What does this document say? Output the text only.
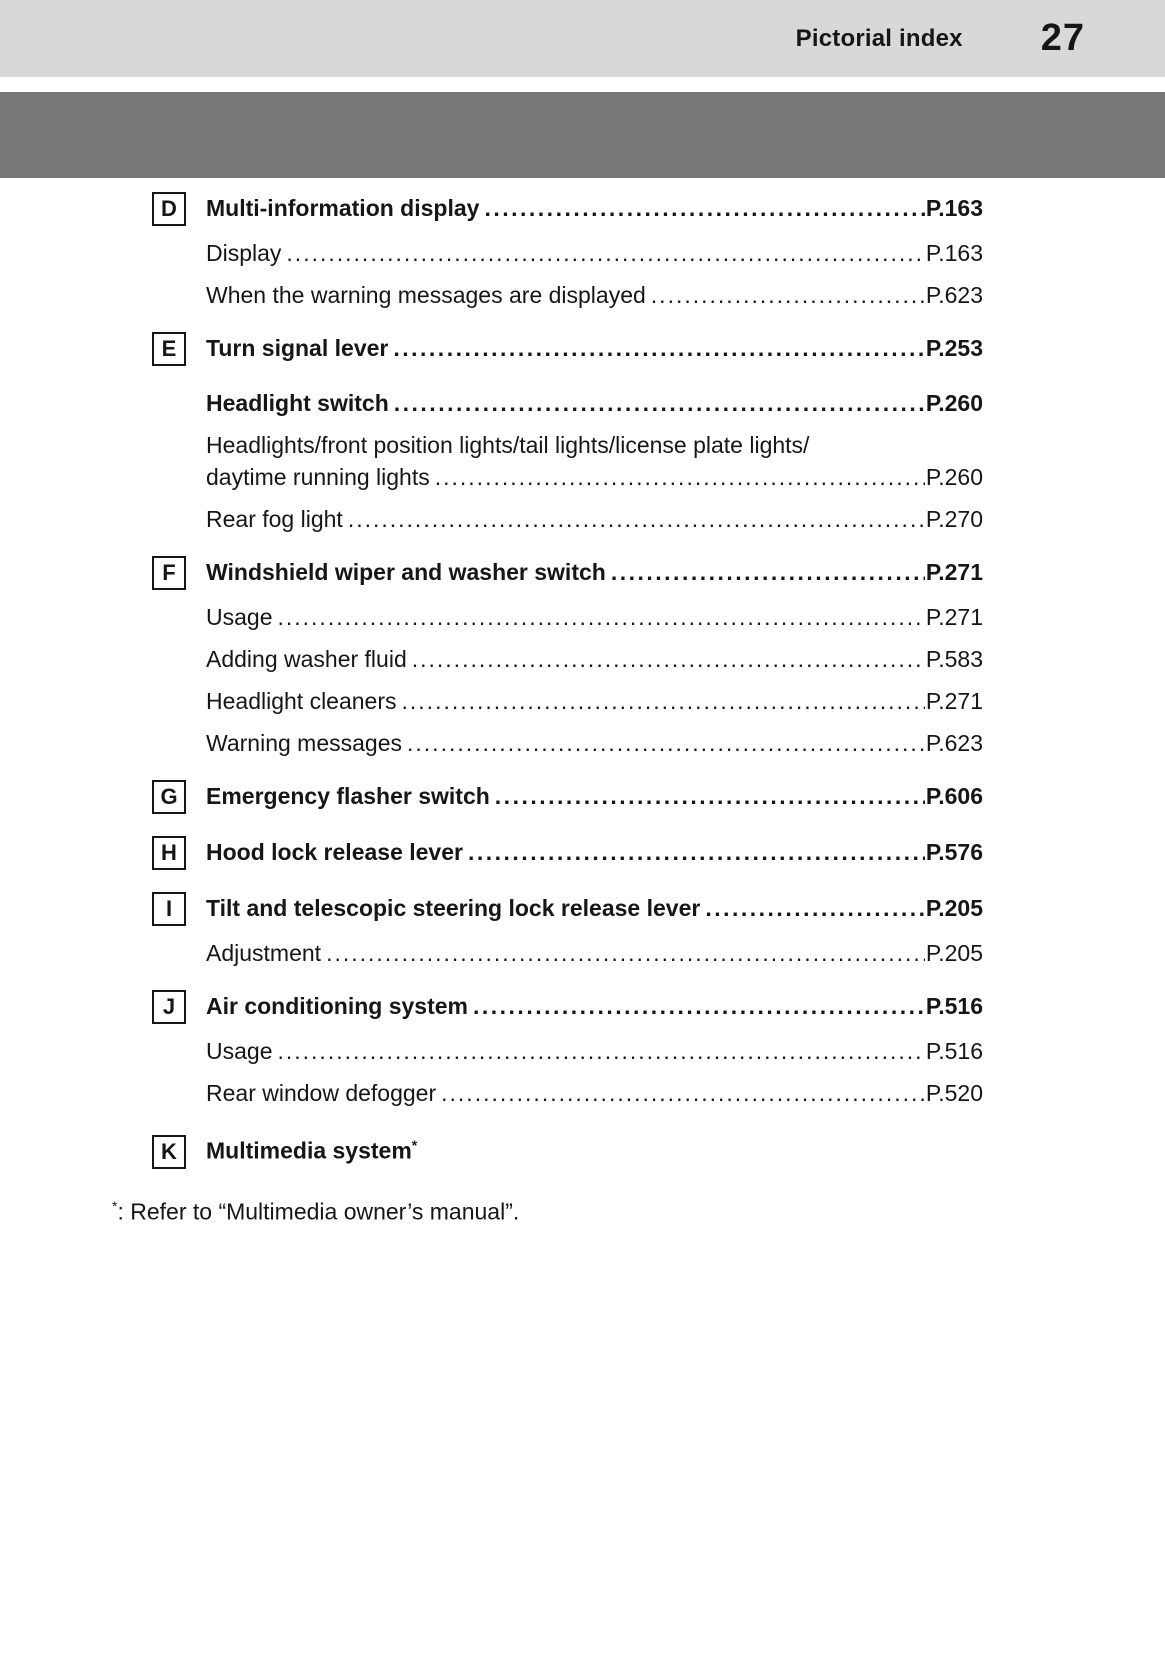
Pictorial index 27
D	Multi-information display .....	P.163
Display .....	P.163
When the warning messages are displayed .....	P.623
E	Turn signal lever .....	P.253
Headlight switch .....	P.260
Headlights/front position lights/tail lights/license plate lights/
daytime running lights .....	P.260
Rear fog light .....	P.270
F	Windshield wiper and washer switch .....	P.271
Usage .....	P.271
Adding washer fluid .....	P.583
Headlight cleaners .....	P.271
Warning messages .....	P.623
G	Emergency flasher switch .....	P.606
H	Hood lock release lever .....	P.576
I	Tilt and telescopic steering lock release lever .....	P.205
Adjustment .....	P.205
J	Air conditioning system .....	P.516
Usage .....	P.516
Rear window defogger .....	P.520
K	Multimedia system*
*: Refer to “Multimedia owner’s manual”.
